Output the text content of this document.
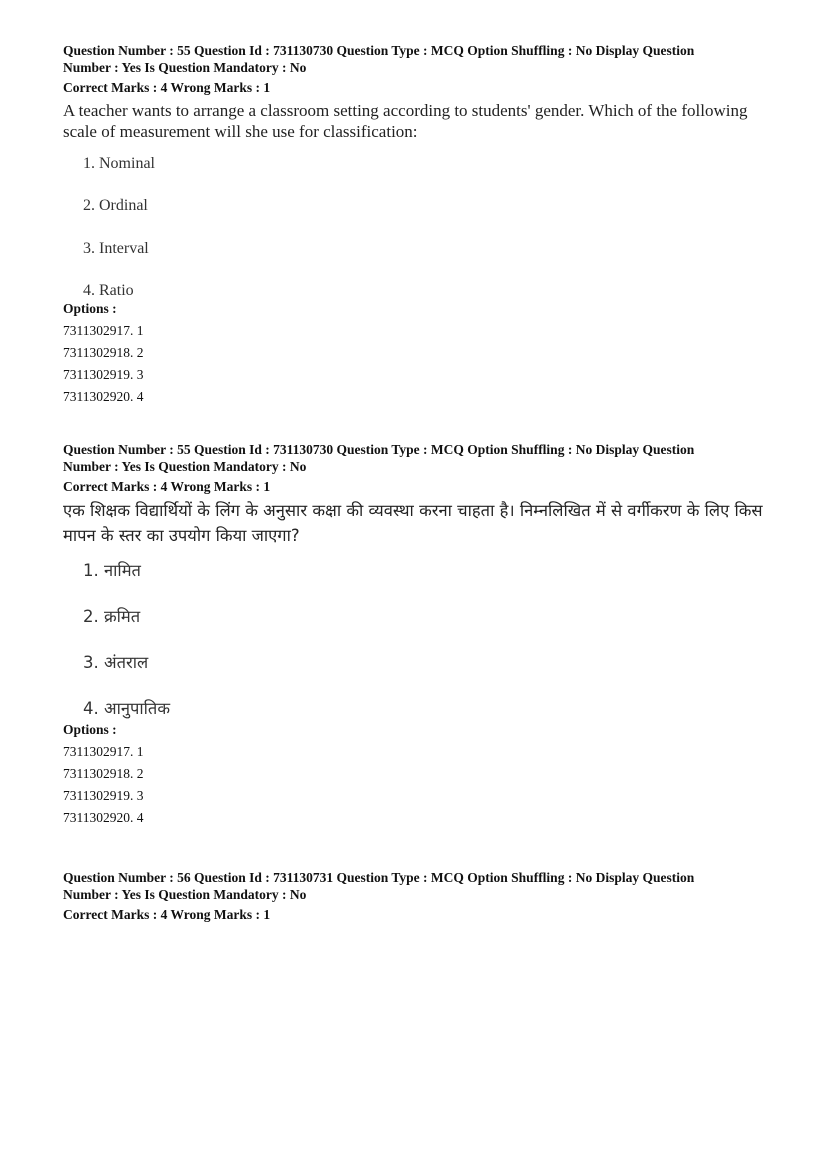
Question Number : 55 Question Id : 731130730 Question Type : MCQ Option Shuffling : No Display Question
Number : Yes Is Question Mandatory : No

Correct Marks : 4 Wrong Marks : 1

A teacher wants to arrange a classroom setting according to students' gender. Which of the following scale of measurement will she use for classification:

1. Nominal
2. Ordinal
3. Interval
4. Ratio

Options :

7311302917. 1
7311302918. 2
7311302919. 3
7311302920. 4

Question Number : 55 Question Id : 731130730 Question Type : MCQ Option Shuffling : No Display Question
Number : Yes Is Question Mandatory : No

Correct Marks : 4 Wrong Marks : 1

एक शिक्षक विद्यार्थियों के लिंग के अनुसार कक्षा की व्यवस्था करना चाहता है। निम्नलिखित में से वर्गीकरण के लिए किस मापन के स्तर का उपयोग किया जाएगा?

1. नामित
2. क्रमित
3. अंतराल
4. आनुपातिक

Options :

7311302917. 1
7311302918. 2
7311302919. 3
7311302920. 4

Question Number : 56 Question Id : 731130731 Question Type : MCQ Option Shuffling : No Display Question
Number : Yes Is Question Mandatory : No

Correct Marks : 4 Wrong Marks : 1
